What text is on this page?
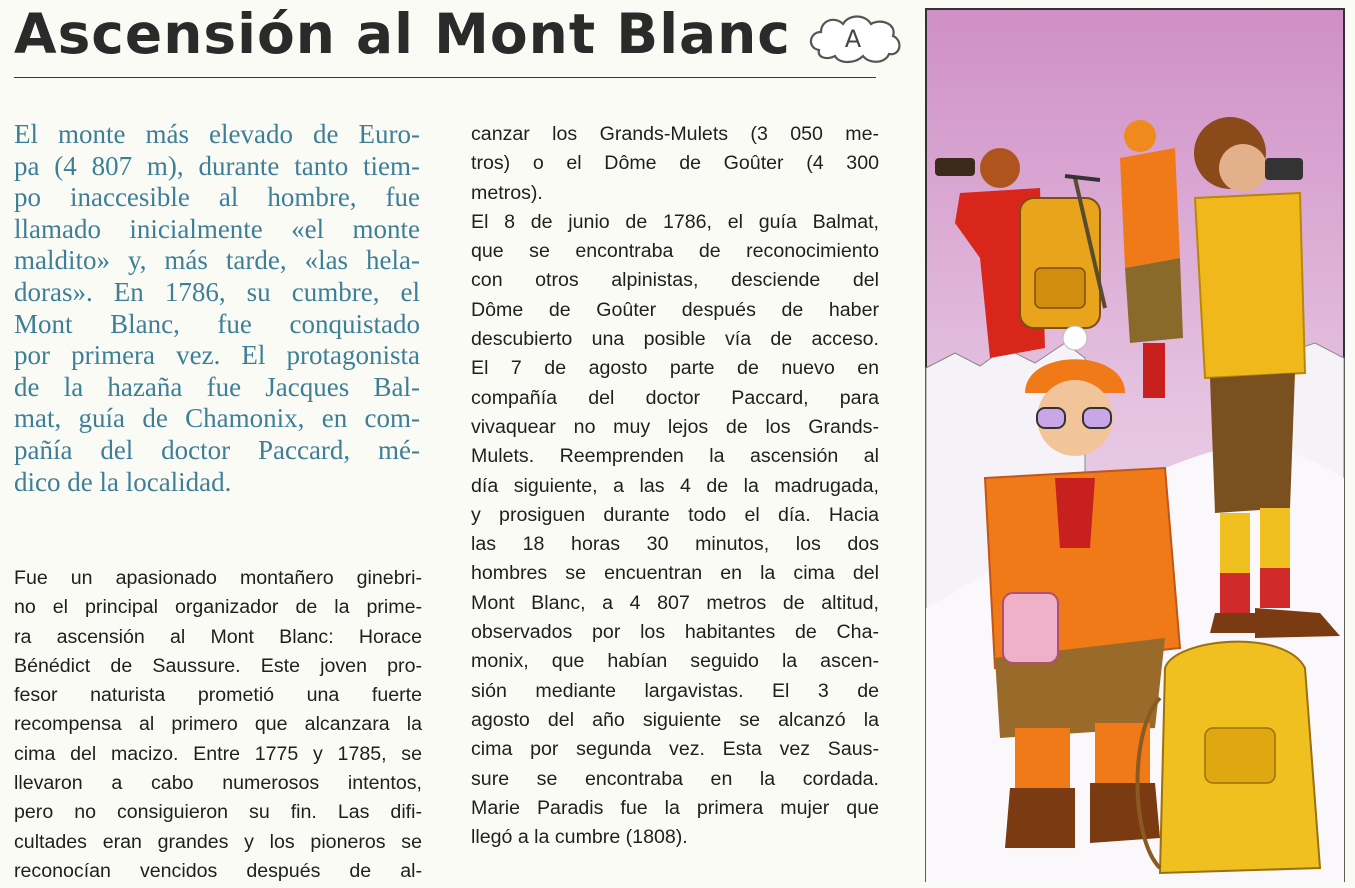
Ascensión al Mont Blanc A
El monte más elevado de Euro-
pa (4 807 m), durante tanto tiem-
po inaccesible al hombre, fue
llamado inicialmente «el monte
maldito» y, más tarde, «las hela-
doras». En 1786, su cumbre, el
Mont Blanc, fue conquistado
por primera vez. El protagonista
de la hazaña fue Jacques Bal-
mat, guía de Chamonix, en com-
pañía del doctor Paccard, mé-
dico de la localidad.
Fue un apasionado montañero ginebri-
no el principal organizador de la prime-
ra ascensión al Mont Blanc: Horace
Bénédict de Saussure. Este joven pro-
fesor naturista prometió una fuerte
recompensa al primero que alcanzara la
cima del macizo. Entre 1775 y 1785, se
llevaron a cabo numerosos intentos,
pero no consiguieron su fin. Las difi-
cultades eran grandes y los pioneros se
reconocían vencidos después de al-
canzar los Grands-Mulets (3 050 me-
tros) o el Dôme de Goûter (4 300
metros).
El 8 de junio de 1786, el guía Balmat,
que se encontraba de reconocimiento
con otros alpinistas, desciende del
Dôme de Goûter después de haber
descubierto una posible vía de acceso.
El 7 de agosto parte de nuevo en
compañía del doctor Paccard, para
vivaquear no muy lejos de los Grands-
Mulets. Reemprenden la ascensión al
día siguiente, a las 4 de la madrugada,
y prosiguen durante todo el día. Hacia
las 18 horas 30 minutos, los dos
hombres se encuentran en la cima del
Mont Blanc, a 4 807 metros de altitud,
observados por los habitantes de Cha-
monix, que habían seguido la ascen-
sión mediante largavistas. El 3 de
agosto del año siguiente se alcanzó la
cima por segunda vez. Esta vez Saus-
sure se encontraba en la cordada.
Marie Paradis fue la primera mujer que
llegó a la cumbre (1808).
